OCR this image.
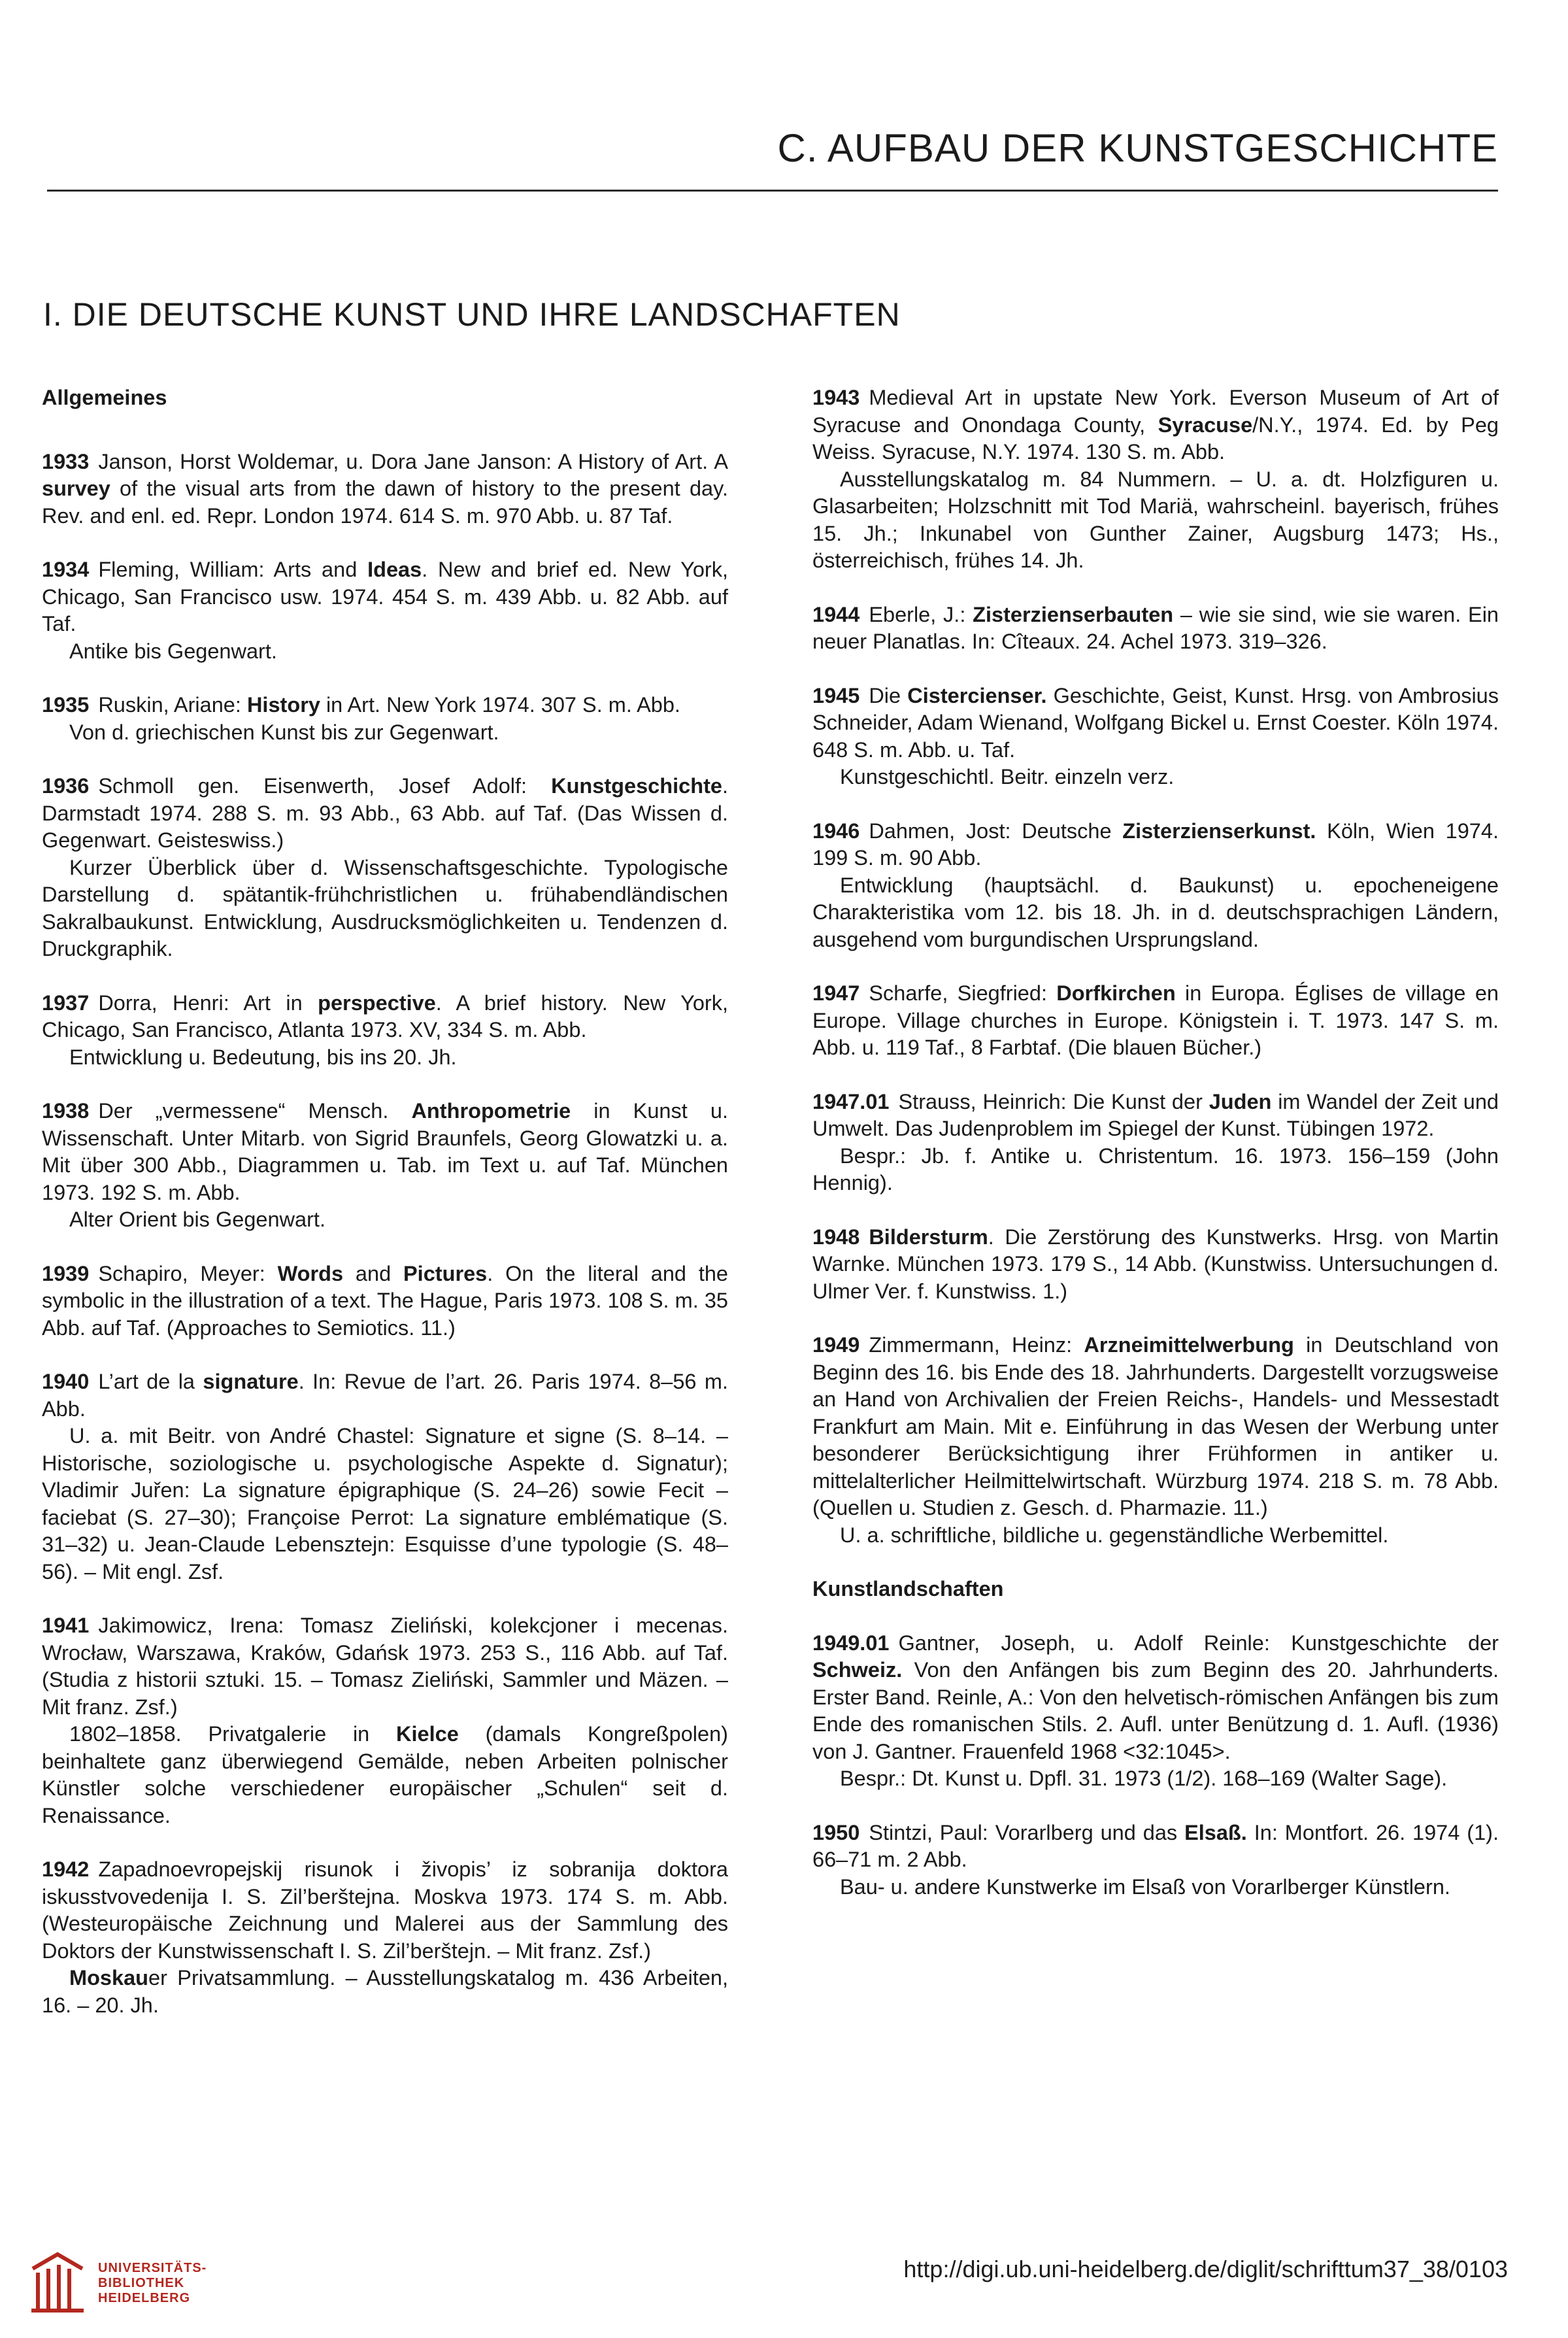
C. AUFBAU DER KUNSTGESCHICHTE
I. DIE DEUTSCHE KUNST UND IHRE LANDSCHAFTEN
Allgemeines

1933 Janson, Horst Woldemar, u. Dora Jane Janson: A History of Art. A survey of the visual arts from the dawn of history to the present day. Rev. and enl. ed. Repr. London 1974. 614 S. m. 970 Abb. u. 87 Taf.

1934 Fleming, William: Arts and Ideas. New and brief ed. New York, Chicago, San Francisco usw. 1974. 454 S. m. 439 Abb. u. 82 Abb. auf Taf.

Antike bis Gegenwart.

1935 Ruskin, Ariane: History in Art. New York 1974. 307 S. m. Abb.

Von d. griechischen Kunst bis zur Gegenwart.

1936 Schmoll gen. Eisenwerth, Josef Adolf: Kunstgeschichte. Darmstadt 1974. 288 S. m. 93 Abb., 63 Abb. auf Taf. (Das Wissen d. Gegenwart. Geisteswiss.)

Kurzer Überblick über d. Wissenschaftsgeschichte. Typologische Darstellung d. spätantik-frühchristlichen u. frühabendländischen Sakralbaukunst. Entwicklung, Ausdrucksmöglichkeiten u. Tendenzen d. Druckgraphik.

1937 Dorra, Henri: Art in perspective. A brief history. New York, Chicago, San Francisco, Atlanta 1973. XV, 334 S. m. Abb.

Entwicklung u. Bedeutung, bis ins 20. Jh.

1938 Der „vermessene“ Mensch. Anthropometrie in Kunst u. Wissenschaft. Unter Mitarb. von Sigrid Braunfels, Georg Glowatzki u. a. Mit über 300 Abb., Diagrammen u. Tab. im Text u. auf Taf. München 1973. 192 S. m. Abb.

Alter Orient bis Gegenwart.

1939 Schapiro, Meyer: Words and Pictures. On the literal and the symbolic in the illustration of a text. The Hague, Paris 1973. 108 S. m. 35 Abb. auf Taf. (Approaches to Semiotics. 11.)

1940 L’art de la signature. In: Revue de l’art. 26. Paris 1974. 8–56 m. Abb.

U. a. mit Beitr. von André Chastel: Signature et signe (S. 8–14. – Historische, soziologische u. psychologische Aspekte d. Signatur); Vladimir Juřen: La signature épigraphique (S. 24–26) sowie Fecit – faciebat (S. 27–30); Françoise Perrot: La signature emblématique (S. 31–32) u. Jean-Claude Lebensztejn: Esquisse d’une typologie (S. 48–56). – Mit engl. Zsf.

1941 Jakimowicz, Irena: Tomasz Zieliński, kolekcjoner i mecenas. Wrocław, Warszawa, Kraków, Gdańsk 1973. 253 S., 116 Abb. auf Taf. (Studia z historii sztuki. 15. – Tomasz Zieliński, Sammler und Mäzen. – Mit franz. Zsf.)

1802–1858. Privatgalerie in Kielce (damals Kongreßpolen) beinhaltete ganz überwiegend Gemälde, neben Arbeiten polnischer Künstler solche verschiedener europäischer „Schulen“ seit d. Renaissance.

1942 Zapadnoevropejskij risunok i živopis’ iz sobranija doktora iskusstvovedenija I. S. Zil’berštejna. Moskva 1973. 174 S. m. Abb. (Westeuropäische Zeichnung und Malerei aus der Sammlung des Doktors der Kunstwissenschaft I. S. Zil’berštejn. – Mit franz. Zsf.)

Moskauer Privatsammlung. – Ausstellungskatalog m. 436 Arbeiten, 16. – 20. Jh.

1943 Medieval Art in upstate New York. Everson Museum of Art of Syracuse and Onondaga County, Syracuse/N.Y., 1974. Ed. by Peg Weiss. Syracuse, N.Y. 1974. 130 S. m. Abb.

Ausstellungskatalog m. 84 Nummern. – U. a. dt. Holzfiguren u. Glasarbeiten; Holzschnitt mit Tod Mariä, wahrscheinl. bayerisch, frühes 15. Jh.; Inkunabel von Gunther Zainer, Augsburg 1473; Hs., österreichisch, frühes 14. Jh.

1944 Eberle, J.: Zisterzienserbauten – wie sie sind, wie sie waren. Ein neuer Planatlas. In: Cîteaux. 24. Achel 1973. 319–326.

1945 Die Cistercienser. Geschichte, Geist, Kunst. Hrsg. von Ambrosius Schneider, Adam Wienand, Wolfgang Bickel u. Ernst Coester. Köln 1974. 648 S. m. Abb. u. Taf.

Kunstgeschichtl. Beitr. einzeln verz.

1946 Dahmen, Jost: Deutsche Zisterzienserkunst. Köln, Wien 1974. 199 S. m. 90 Abb.

Entwicklung (hauptsächl. d. Baukunst) u. epocheneigene Charakteristika vom 12. bis 18. Jh. in d. deutschsprachigen Ländern, ausgehend vom burgundischen Ursprungsland.

1947 Scharfe, Siegfried: Dorfkirchen in Europa. Églises de village en Europe. Village churches in Europe. Königstein i. T. 1973. 147 S. m. Abb. u. 119 Taf., 8 Farbtaf. (Die blauen Bücher.)

1947.01 Strauss, Heinrich: Die Kunst der Juden im Wandel der Zeit und Umwelt. Das Judenproblem im Spiegel der Kunst. Tübingen 1972.

Bespr.: Jb. f. Antike u. Christentum. 16. 1973. 156–159 (John Hennig).

1948 Bildersturm. Die Zerstörung des Kunstwerks. Hrsg. von Martin Warnke. München 1973. 179 S., 14 Abb. (Kunstwiss. Untersuchungen d. Ulmer Ver. f. Kunstwiss. 1.)

1949 Zimmermann, Heinz: Arzneimittelwerbung in Deutschland von Beginn des 16. bis Ende des 18. Jahrhunderts. Dargestellt vorzugsweise an Hand von Archivalien der Freien Reichs-, Handels- und Messestadt Frankfurt am Main. Mit e. Einführung in das Wesen der Werbung unter besonderer Berücksichtigung ihrer Frühformen in antiker u. mittelalterlicher Heilmittelwirtschaft. Würzburg 1974. 218 S. m. 78 Abb. (Quellen u. Studien z. Gesch. d. Pharmazie. 11.)

U. a. schriftliche, bildliche u. gegenständliche Werbemittel.

Kunstlandschaften

1949.01 Gantner, Joseph, u. Adolf Reinle: Kunstgeschichte der Schweiz. Von den Anfängen bis zum Beginn des 20. Jahrhunderts. Erster Band. Reinle, A.: Von den helvetisch-römischen Anfängen bis zum Ende des romanischen Stils. 2. Aufl. unter Benützung d. 1. Aufl. (1936) von J. Gantner. Frauenfeld 1968 <32:1045>.

Bespr.: Dt. Kunst u. Dpfl. 31. 1973 (1/2). 168–169 (Walter Sage).

1950 Stintzi, Paul: Vorarlberg und das Elsaß. In: Montfort. 26. 1974 (1). 66–71 m. 2 Abb.

Bau- u. andere Kunstwerke im Elsaß von Vorarlberger Künstlern.

UNIVERSITÄTS-
BIBLIOTHEK
HEIDELBERG

http://digi.ub.uni-heidelberg.de/diglit/schrifttum37_38/0103
